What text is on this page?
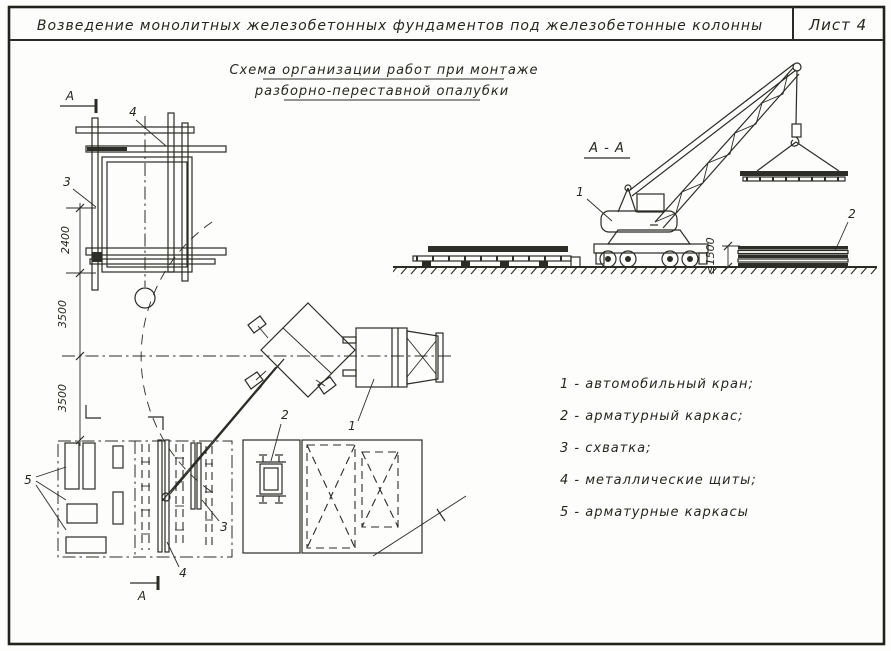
Возведение монолитных железобетонных фундаментов под железобетонные колонны	Лист 4
Схема организации работ при монтаже
разборно-переставной опалубки
А
4
3
2400
3500
3500
1
2
5
3
4
А
А - А
1
2
≤1500
1 - автомобильный кран;
2 - арматурный каркас;
3 - схватка;
4 - металлические щиты;
5 - арматурные каркасы
